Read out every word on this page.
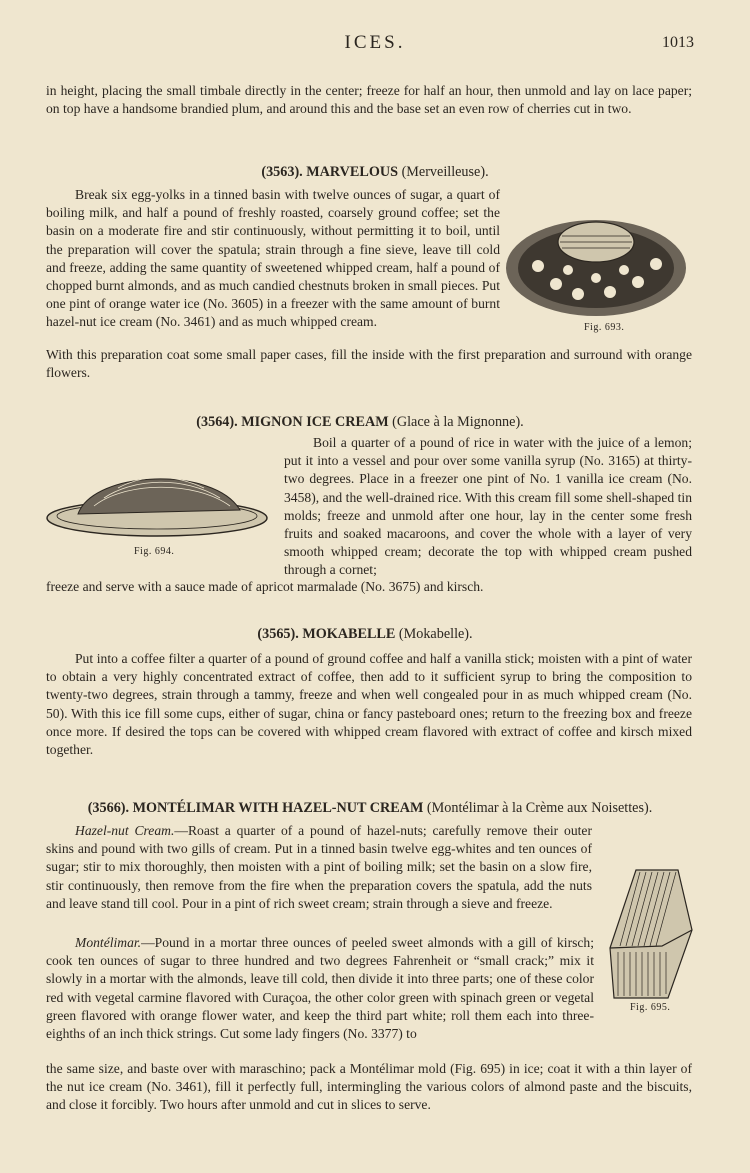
ICES.	1013

in height, placing the small timbale directly in the center; freeze for half an hour, then unmold and lay on lace paper; on top have a handsome brandied plum, and around this and the base set an even row of cherries cut in two.

(3563). MARVELOUS (Merveilleuse).
Fig. 693.

Break six egg-yolks in a tinned basin with twelve ounces of sugar, a quart of boiling milk, and half a pound of freshly roasted, coarsely ground coffee; set the basin on a moderate fire and stir continuously, without permitting it to boil, until the preparation will cover the spatula; strain through a fine sieve, leave till cold and freeze, adding the same quantity of sweetened whipped cream, half a pound of chopped burnt almonds, and as much candied chestnuts broken in small pieces. Put one pint of orange water ice (No. 3605) in a freezer with the same amount of burnt hazel-nut ice cream (No. 3461) and as much whipped cream.

With this preparation coat some small paper cases, fill the inside with the first preparation and surround with orange flowers.

(3564). MIGNON ICE CREAM (Glace à la Mignonne).
Fig. 694.

Boil a quarter of a pound of rice in water with the juice of a lemon; put it into a vessel and pour over some vanilla syrup (No. 3165) at thirty-two degrees. Place in a freezer one pint of No. 1 vanilla ice cream (No. 3458), and the well-drained rice. With this cream fill some shell-shaped tin molds; freeze and unmold after one hour, lay in the center some fresh fruits and soaked macaroons, and cover the whole with a layer of very smooth whipped cream; decorate the top with whipped cream pushed through a cornet;

freeze and serve with a sauce made of apricot marmalade (No. 3675) and kirsch.

(3565). MOKABELLE (Mokabelle).

Put into a coffee filter a quarter of a pound of ground coffee and half a vanilla stick; moisten with a pint of water to obtain a very highly concentrated extract of coffee, then add to it sufficient syrup to bring the composition to twenty-two degrees, strain through a tammy, freeze and when well congealed pour in as much whipped cream (No. 50). With this ice fill some cups, either of sugar, china or fancy pasteboard ones; return to the freezing box and freeze once more. If desired the tops can be covered with whipped cream flavored with extract of coffee and kirsch mixed together.

(3566). MONTÉLIMAR WITH HAZEL-NUT CREAM (Montélimar à la Crème aux Noisettes).
Fig. 695.

Hazel-nut Cream.—Roast a quarter of a pound of hazel-nuts; carefully remove their outer skins and pound with two gills of cream. Put in a tinned basin twelve egg-whites and ten ounces of sugar; stir to mix thoroughly, then moisten with a pint of boiling milk; set the basin on a slow fire, stir continuously, then remove from the fire when the preparation covers the spatula, add the nuts and leave stand till cool. Pour in a pint of rich sweet cream; strain through a sieve and freeze.

Montélimar.—Pound in a mortar three ounces of peeled sweet almonds with a gill of kirsch; cook ten ounces of sugar to three hundred and two degrees Fahrenheit or “small crack;” mix it slowly in a mortar with the almonds, leave till cold, then divide it into three parts; one of these color red with vegetal carmine flavored with Curaçoa, the other color green with spinach green or vegetal green flavored with orange flower water, and keep the third part white; roll them each into three-eighths of an inch thick strings. Cut some lady fingers (No. 3377) to

the same size, and baste over with maraschino; pack a Montélimar mold (Fig. 695) in ice; coat it with a thin layer of the nut ice cream (No. 3461), fill it perfectly full, intermingling the various colors of almond paste and the biscuits, and close it forcibly. Two hours after unmold and cut in slices to serve.
